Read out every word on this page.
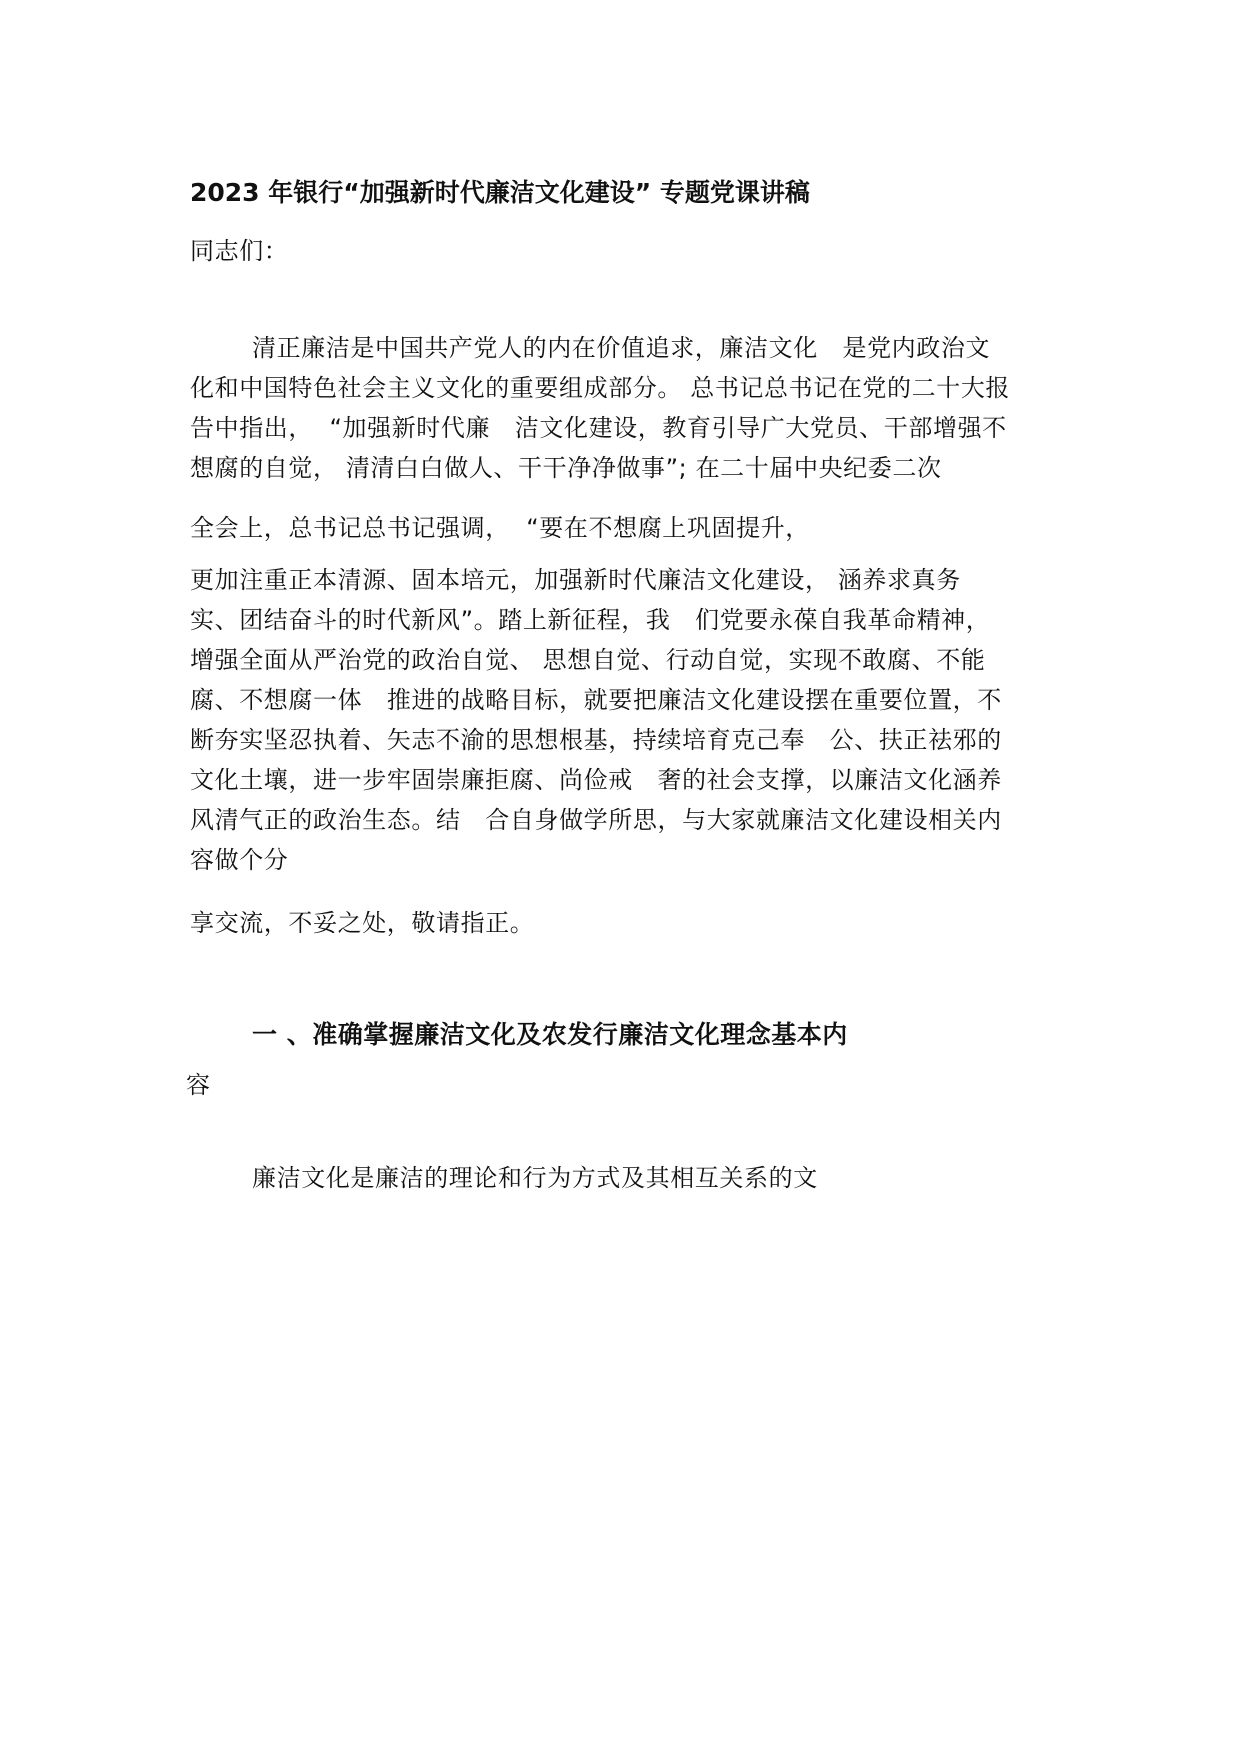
2023 年银行“加强新时代廉洁文化建设” 专题党课讲稿
同志们：
清正廉洁是中国共产党人的内在价值追求，廉洁文化   是党内政治文
化和中国特色社会主义文化的重要组成部分。 总书记总书记在党的二十大报
告中指出，  “加强新时代廉   洁文化建设，教育引导广大党员、干部增强不
想腐的自觉， 清清白白做人、干干净净做事”; 在二十届中央纪委二次
全会上，总书记总书记强调，  “要在不想腐上巩固提升，
更加注重正本清源、固本培元，加强新时代廉洁文化建设， 涵养求真务
实、团结奋斗的时代新风”。踏上新征程，我   们党要永葆自我革命精神，
增强全面从严治党的政治自觉、 思想自觉、行动自觉，实现不敢腐、不能
腐、不想腐一体   推进的战略目标，就要把廉洁文化建设摆在重要位置，不
断夯实坚忍执着、矢志不渝的思想根基，持续培育克己奉   公、扶正祛邪的
文化土壤，进一步牢固崇廉拒腐、尚俭戒   奢的社会支撑，以廉洁文化涵养
风清气正的政治生态。结   合自身做学所思，与大家就廉洁文化建设相关内
容做个分
享交流，不妥之处，敬请指正。
一 、准确掌握廉洁文化及农发行廉洁文化理念基本内
容
廉洁文化是廉洁的理论和行为方式及其相互关系的文
